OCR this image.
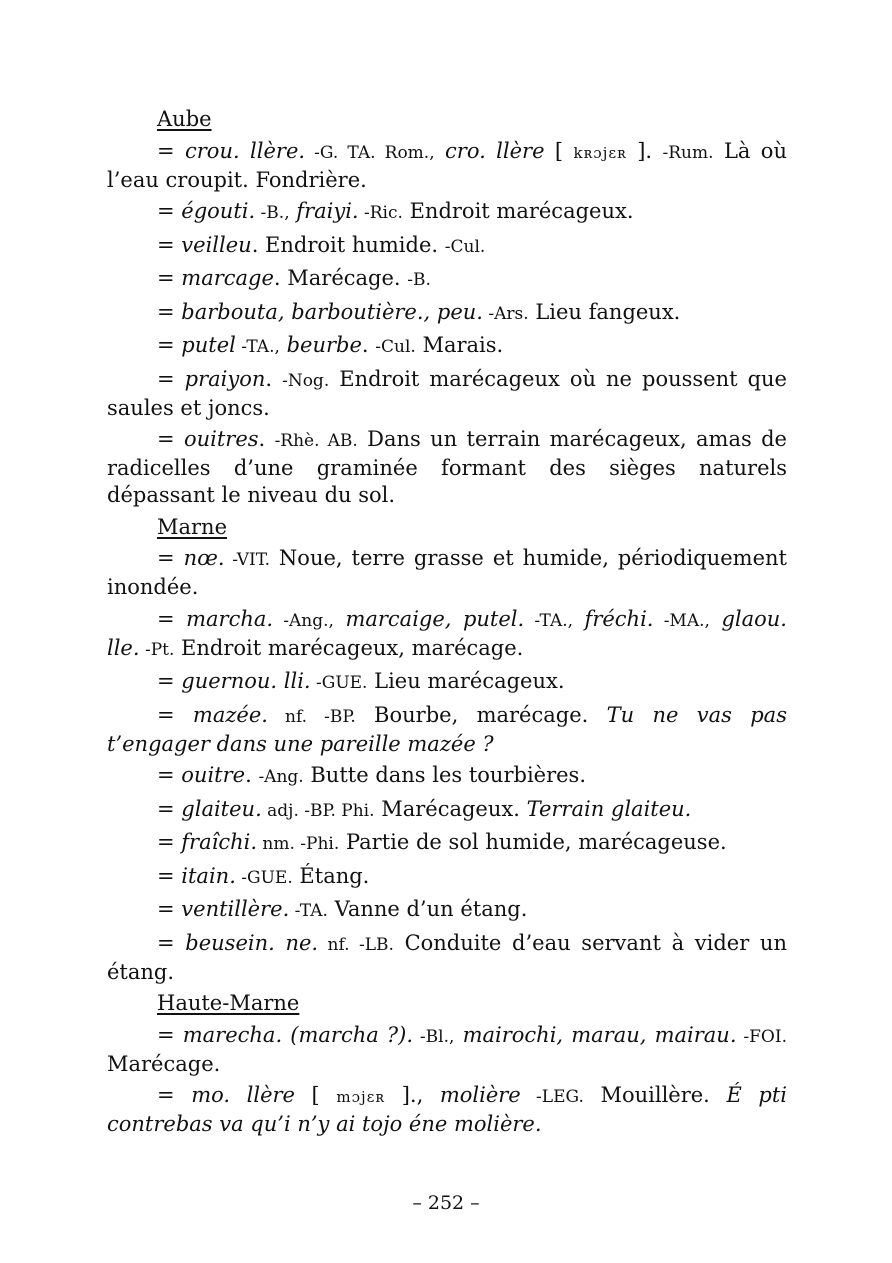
Aube

= crou. llère. -G. TA. Rom., cro. llère [ kʀɔjɛʀ ]. -Rum. Là où l’eau croupit. Fondrière.

= égouti. -B., fraiyi. -Ric. Endroit marécageux.

= veilleu. Endroit humide. -Cul.

= marcage. Marécage. -B.

= barbouta, barboutière., peu. -Ars. Lieu fangeux.

= putel -TA., beurbe. -Cul. Marais.

= praiyon. -Nog. Endroit marécageux où ne poussent que saules et joncs.

= ouitres. -Rhè. AB. Dans un terrain marécageux, amas de radicelles d’une graminée formant des sièges naturels dépassant le niveau du sol.

Marne

= nœ. -VIT. Noue, terre grasse et humide, périodiquement inondée.

= marcha. -Ang., marcaige, putel. -TA., fréchi. -MA., glaou. lle. -Pt. Endroit marécageux, marécage.

= guernou. lli. -GUE. Lieu marécageux.

= mazée. nf. -BP. Bourbe, marécage. Tu ne vas pas t’engager dans une pareille mazée ?

= ouitre. -Ang. Butte dans les tourbières.

= glaiteu. adj. -BP. Phi. Marécageux. Terrain glaiteu.

= fraîchi. nm. -Phi. Partie de sol humide, marécageuse.

= itain. -GUE. Étang.

= ventillère. -TA. Vanne d’un étang.

= beusein. ne. nf. -LB. Conduite d’eau servant à vider un étang.

Haute-Marne

= marecha. (marcha ?). -Bl., mairochi, marau, mairau. -FOI. Marécage.

= mo. llère [ mɔjɛʀ ]., molière -LEG. Mouillère. É pti contrebas va qu’i n’y ai tojo éne molière.

– 252 –
